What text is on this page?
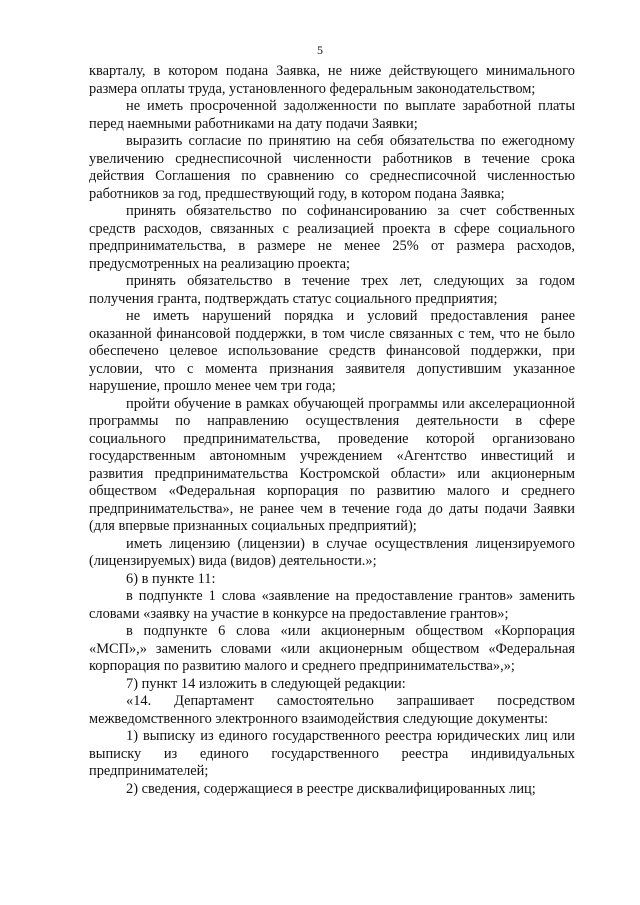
5

кварталу, в котором подана Заявка, не ниже действующего минимального размера оплаты труда, установленного федеральным законодательством;

не иметь просроченной задолженности по выплате заработной платы перед наемными работниками на дату подачи Заявки;

выразить согласие по принятию на себя обязательства по ежегодному увеличению среднесписочной численности работников в течение срока действия Соглашения по сравнению со среднесписочной численностью работников за год, предшествующий году, в котором подана Заявка;

принять обязательство по софинансированию за счет собственных средств расходов, связанных с реализацией проекта в сфере социального предпринимательства, в размере не менее 25% от размера расходов, предусмотренных на реализацию проекта;

принять обязательство в течение трех лет, следующих за годом получения гранта, подтверждать статус социального предприятия;

не иметь нарушений порядка и условий предоставления ранее оказанной финансовой поддержки, в том числе связанных с тем, что не было обеспечено целевое использование средств финансовой поддержки, при условии, что с момента признания заявителя допустившим указанное нарушение, прошло менее чем три года;

пройти обучение в рамках обучающей программы или акселерационной программы по направлению осуществления деятельности в сфере социального предпринимательства, проведение которой организовано государственным автономным учреждением «Агентство инвестиций и развития предпринимательства Костромской области» или акционерным обществом «Федеральная корпорация по развитию малого и среднего предпринимательства», не ранее чем в течение года до даты подачи Заявки (для впервые признанных социальных предприятий);

иметь лицензию (лицензии) в случае осуществления лицензируемого (лицензируемых) вида (видов) деятельности.»;

6) в пункте 11:

в подпункте 1 слова «заявление на предоставление грантов» заменить словами «заявку на участие в конкурсе на предоставление грантов»;

в подпункте 6 слова «или акционерным обществом «Корпорация «МСП»,» заменить словами «или акционерным обществом «Федеральная корпорация по развитию малого и среднего предпринимательства»,»;

7) пункт 14 изложить в следующей редакции:

«14. Департамент самостоятельно запрашивает посредством межведомственного электронного взаимодействия следующие документы:

1) выписку из единого государственного реестра юридических лиц или выписку из единого государственного реестра индивидуальных предпринимателей;

2) сведения, содержащиеся в реестре дисквалифицированных лиц;
